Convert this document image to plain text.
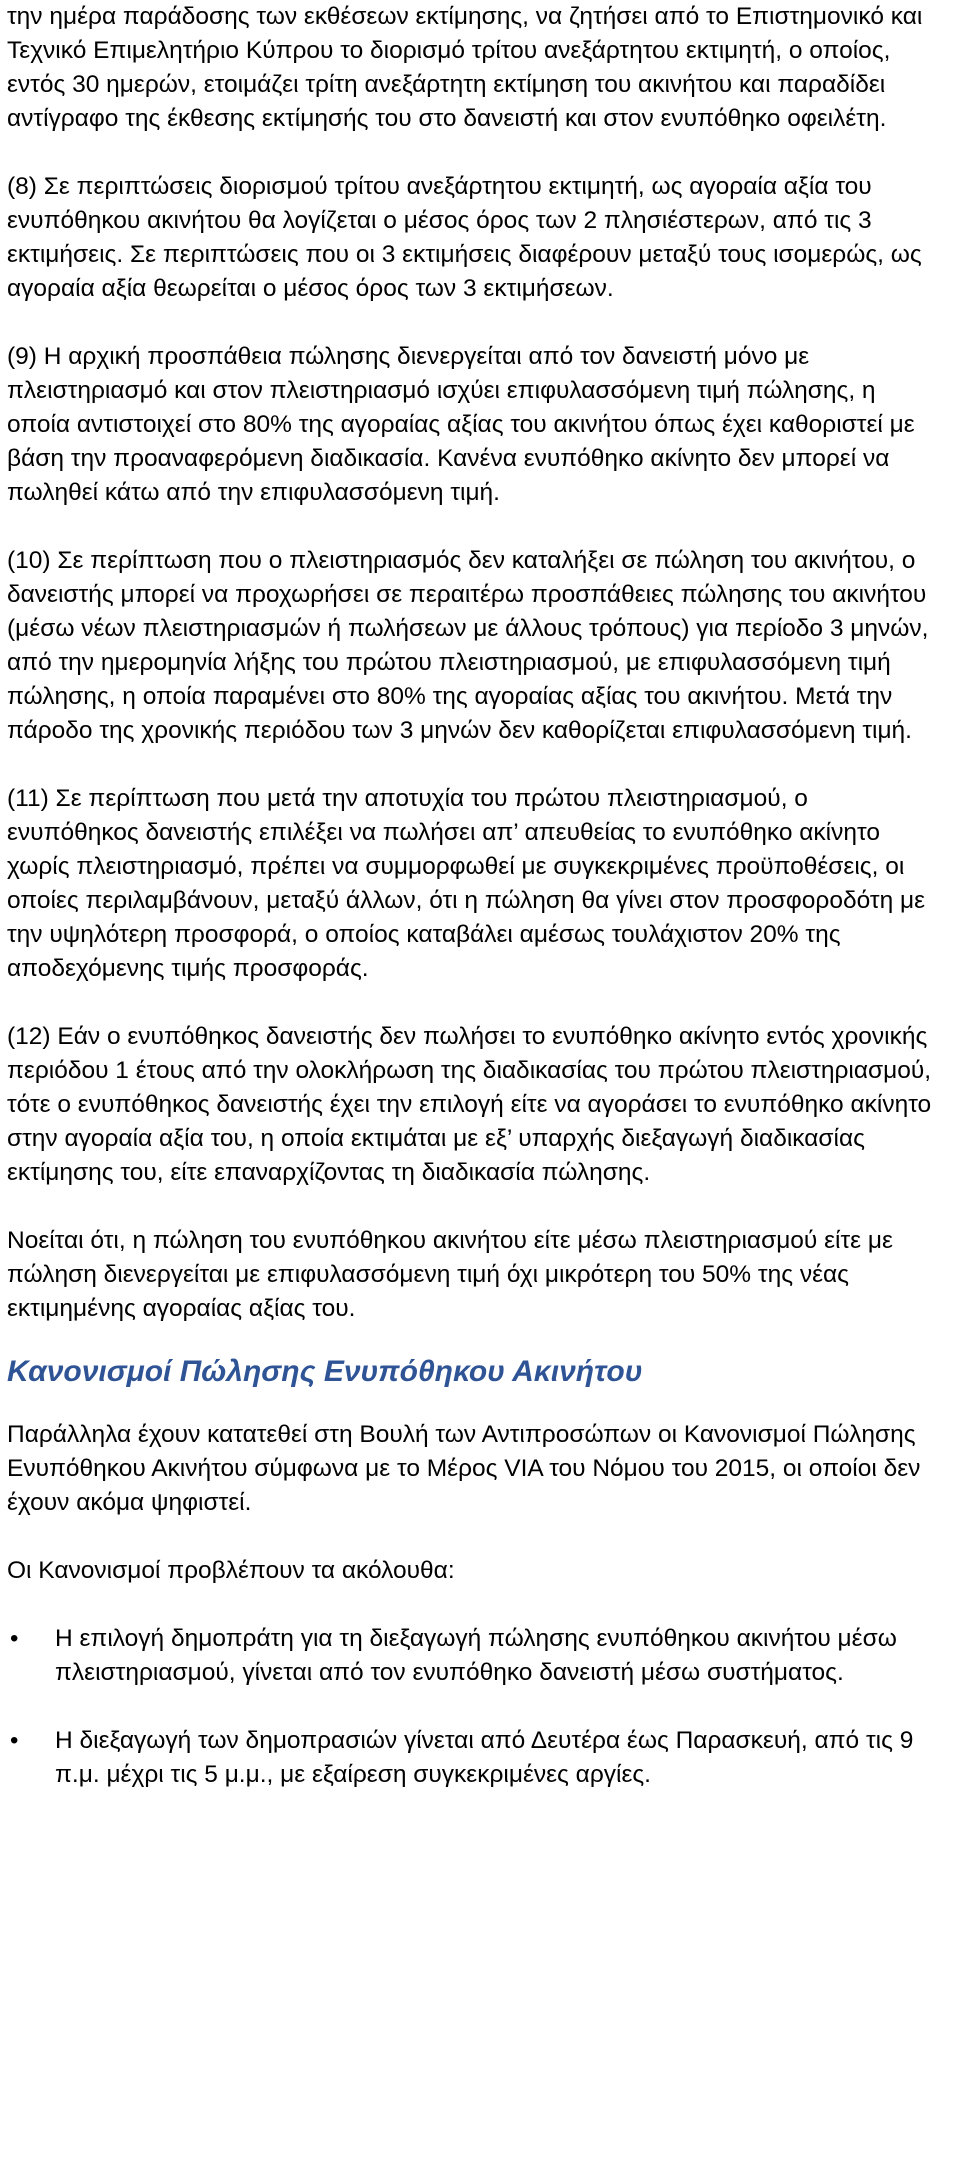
την ημέρα παράδοσης των εκθέσεων εκτίμησης, να ζητήσει από το Επιστημονικό και Τεχνικό Επιμελητήριο Κύπρου το διορισμό τρίτου ανεξάρτητου εκτιμητή, ο οποίος, εντός 30 ημερών, ετοιμάζει τρίτη ανεξάρτητη εκτίμηση του ακινήτου και παραδίδει αντίγραφο της έκθεσης εκτίμησής του στο δανειστή και στον ενυπόθηκο οφειλέτη.

(8) Σε περιπτώσεις διορισμού τρίτου ανεξάρτητου εκτιμητή, ως αγοραία αξία του ενυπόθηκου ακινήτου θα λογίζεται ο μέσος όρος των 2 πλησιέστερων, από τις 3 εκτιμήσεις. Σε περιπτώσεις που οι 3 εκτιμήσεις διαφέρουν μεταξύ τους ισομερώς, ως αγοραία αξία θεωρείται ο μέσος όρος των 3 εκτιμήσεων.

(9) Η αρχική προσπάθεια πώλησης διενεργείται από τον δανειστή μόνο με πλειστηριασμό και στον πλειστηριασμό ισχύει επιφυλασσόμενη τιμή πώλησης, η οποία αντιστοιχεί στο 80% της αγοραίας αξίας του ακινήτου όπως έχει καθοριστεί με βάση την προαναφερόμενη διαδικασία. Κανένα ενυπόθηκο ακίνητο δεν μπορεί να πωληθεί κάτω από την επιφυλασσόμενη τιμή.

(10) Σε περίπτωση που ο πλειστηριασμός δεν καταλήξει σε πώληση του ακινήτου, ο δανειστής μπορεί να προχωρήσει σε περαιτέρω προσπάθειες πώλησης του ακινήτου (μέσω νέων πλειστηριασμών ή πωλήσεων με άλλους τρόπους) για περίοδο 3 μηνών, από την ημερομηνία λήξης του πρώτου πλειστηριασμού, με επιφυλασσόμενη τιμή πώλησης, η οποία παραμένει στο 80% της αγοραίας αξίας του ακινήτου. Μετά την πάροδο της χρονικής περιόδου των 3 μηνών δεν καθορίζεται επιφυλασσόμενη τιμή.

(11) Σε περίπτωση που μετά την αποτυχία του πρώτου πλειστηριασμού, ο ενυπόθηκος δανειστής επιλέξει να πωλήσει απ’ απευθείας το ενυπόθηκο ακίνητο χωρίς πλειστηριασμό, πρέπει να συμμορφωθεί με συγκεκριμένες προϋποθέσεις, οι οποίες περιλαμβάνουν, μεταξύ άλλων, ότι η πώληση θα γίνει στον προσφοροδότη με την υψηλότερη προσφορά, ο οποίος καταβάλει αμέσως τουλάχιστον 20% της αποδεχόμενης τιμής προσφοράς.

(12) Εάν ο ενυπόθηκος δανειστής δεν πωλήσει το ενυπόθηκο ακίνητο εντός χρονικής περιόδου 1 έτους από την ολοκλήρωση της διαδικασίας του πρώτου πλειστηριασμού, τότε ο ενυπόθηκος δανειστής έχει την επιλογή είτε να αγοράσει το ενυπόθηκο ακίνητο στην αγοραία αξία του, η οποία εκτιμάται με εξ’ υπαρχής διεξαγωγή διαδικασίας εκτίμησης του, είτε επαναρχίζοντας τη διαδικασία πώλησης.

Νοείται ότι, η πώληση του ενυπόθηκου ακινήτου είτε μέσω πλειστηριασμού είτε με πώληση διενεργείται με επιφυλασσόμενη τιμή όχι μικρότερη του 50% της νέας εκτιμημένης αγοραίας αξίας του.

Κανονισμοί Πώλησης Ενυπόθηκου Ακινήτου

Παράλληλα έχουν κατατεθεί στη Βουλή των Αντιπροσώπων οι Κανονισμοί Πώλησης Ενυπόθηκου Ακινήτου σύμφωνα με το Μέρος VIA του Νόμου του 2015, οι οποίοι δεν έχουν ακόμα ψηφιστεί.

Οι Κανονισμοί προβλέπουν τα ακόλουθα:

•	Η επιλογή δημοπράτη για τη διεξαγωγή πώλησης ενυπόθηκου ακινήτου μέσω πλειστηριασμού, γίνεται από τον ενυπόθηκο δανειστή μέσω συστήματος.
•	Η διεξαγωγή των δημοπρασιών γίνεται από Δευτέρα έως Παρασκευή, από τις 9 π.μ. μέχρι τις 5 μ.μ., με εξαίρεση συγκεκριμένες αργίες.
